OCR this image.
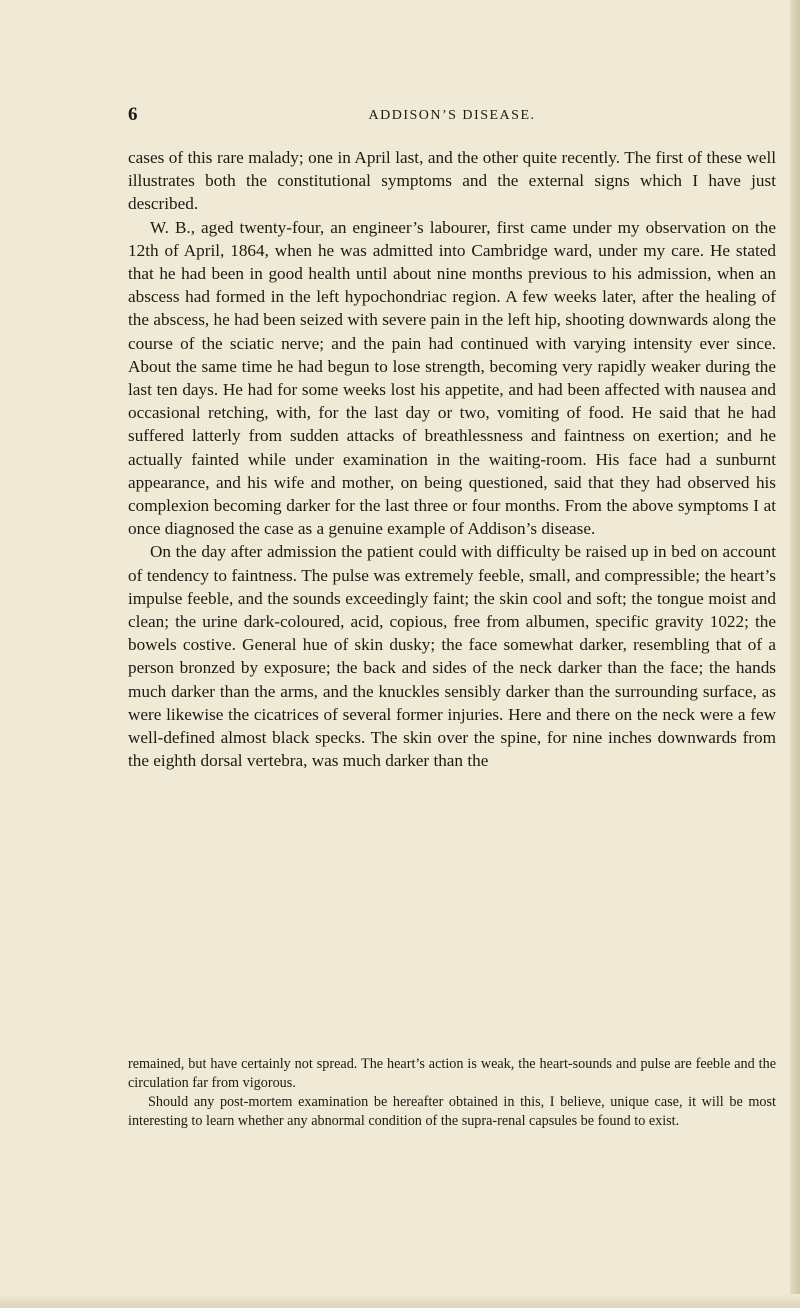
6	ADDISON’S DISEASE.

cases of this rare malady; one in April last, and the other quite recently. The first of these well illustrates both the constitutional symptoms and the external signs which I have just described.

W. B., aged twenty-four, an engineer’s labourer, first came under my observation on the 12th of April, 1864, when he was admitted into Cambridge ward, under my care. He stated that he had been in good health until about nine months previous to his admission, when an abscess had formed in the left hypochondriac region. A few weeks later, after the healing of the abscess, he had been seized with severe pain in the left hip, shooting downwards along the course of the sciatic nerve; and the pain had continued with varying intensity ever since. About the same time he had begun to lose strength, becoming very rapidly weaker during the last ten days. He had for some weeks lost his appetite, and had been affected with nausea and occasional retching, with, for the last day or two, vomiting of food. He said that he had suffered latterly from sudden attacks of breathlessness and faintness on exertion; and he actually fainted while under examination in the waiting-room. His face had a sunburnt appearance, and his wife and mother, on being questioned, said that they had observed his complexion becoming darker for the last three or four months. From the above symptoms I at once diagnosed the case as a genuine example of Addison’s disease.

On the day after admission the patient could with difficulty be raised up in bed on account of tendency to faintness. The pulse was extremely feeble, small, and compressible; the heart’s impulse feeble, and the sounds exceedingly faint; the skin cool and soft; the tongue moist and clean; the urine dark-coloured, acid, copious, free from albumen, specific gravity 1022; the bowels costive. General hue of skin dusky; the face somewhat darker, resembling that of a person bronzed by exposure; the back and sides of the neck darker than the face; the hands much darker than the arms, and the knuckles sensibly darker than the surrounding surface, as were likewise the cicatrices of several former injuries. Here and there on the neck were a few well-defined almost black specks. The skin over the spine, for nine inches downwards from the eighth dorsal vertebra, was much darker than the

remained, but have certainly not spread. The heart’s action is weak, the heart-sounds and pulse are feeble and the circulation far from vigorous.

Should any post-mortem examination be hereafter obtained in this, I believe, unique case, it will be most interesting to learn whether any abnormal condition of the supra-renal capsules be found to exist.
